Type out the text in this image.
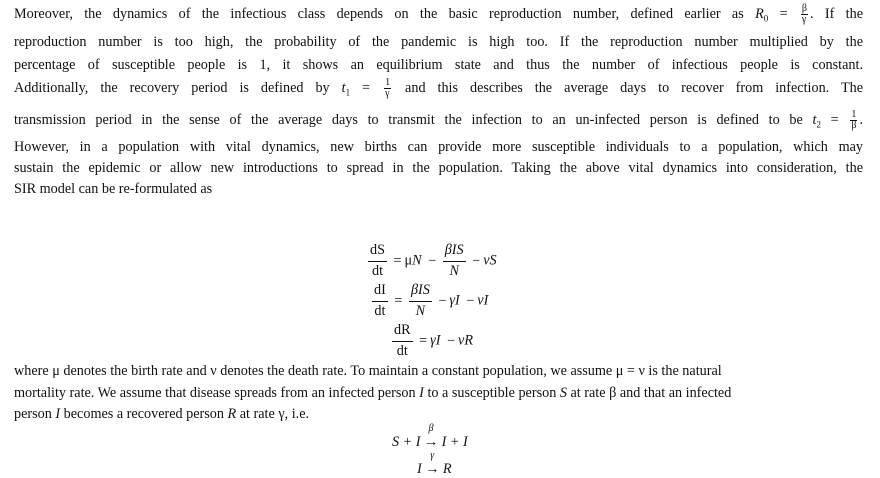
Moreover, the dynamics of the infectious class depends on the basic reproduction number, defined earlier as $R_0 = \frac{\beta}{\gamma}$ . If the
reproduction number is too high, the probability of the pandemic is high too. If the reproduction number multiplied by the
percentage of susceptible people is 1, it shows an equilibrium state and thus the number of infectious people is constant.
Additionally, the recovery period is defined by $t_1 = \frac{1}{\gamma}$ and this describes the average days to recover from infection. The
transmission period in the sense of the average days to transmit the infection to an un-infected person is defined to be $t_2 = \frac{1}{\beta}$ .
However, in a population with vital dynamics, new births can provide more susceptible individuals to a population, which may
sustain the epidemic or allow new introductions to spread in the population. Taking the above vital dynamics into consideration, the
SIR model can be re-formulated as
$\frac{dS}{dt} = \mu N - \frac{\text{βIS}}{N}$ − vS
$\frac{dI}{dt} = \frac{\text{βIS}}{N} - \gamma I$ − vI
$\frac{dR}{dt} = \gamma I$ − vR
where μ denotes the birth rate and ν denotes the death rate. To maintain a constant population, we assume μ = ν is the natural
mortality rate. We assume that disease spreads from an infected person I to a susceptible person S at rate β and that an infected
person I becomes a recovered person R at rate γ, i.e.
S + I
β
→ I + I
I
γ
→ R
